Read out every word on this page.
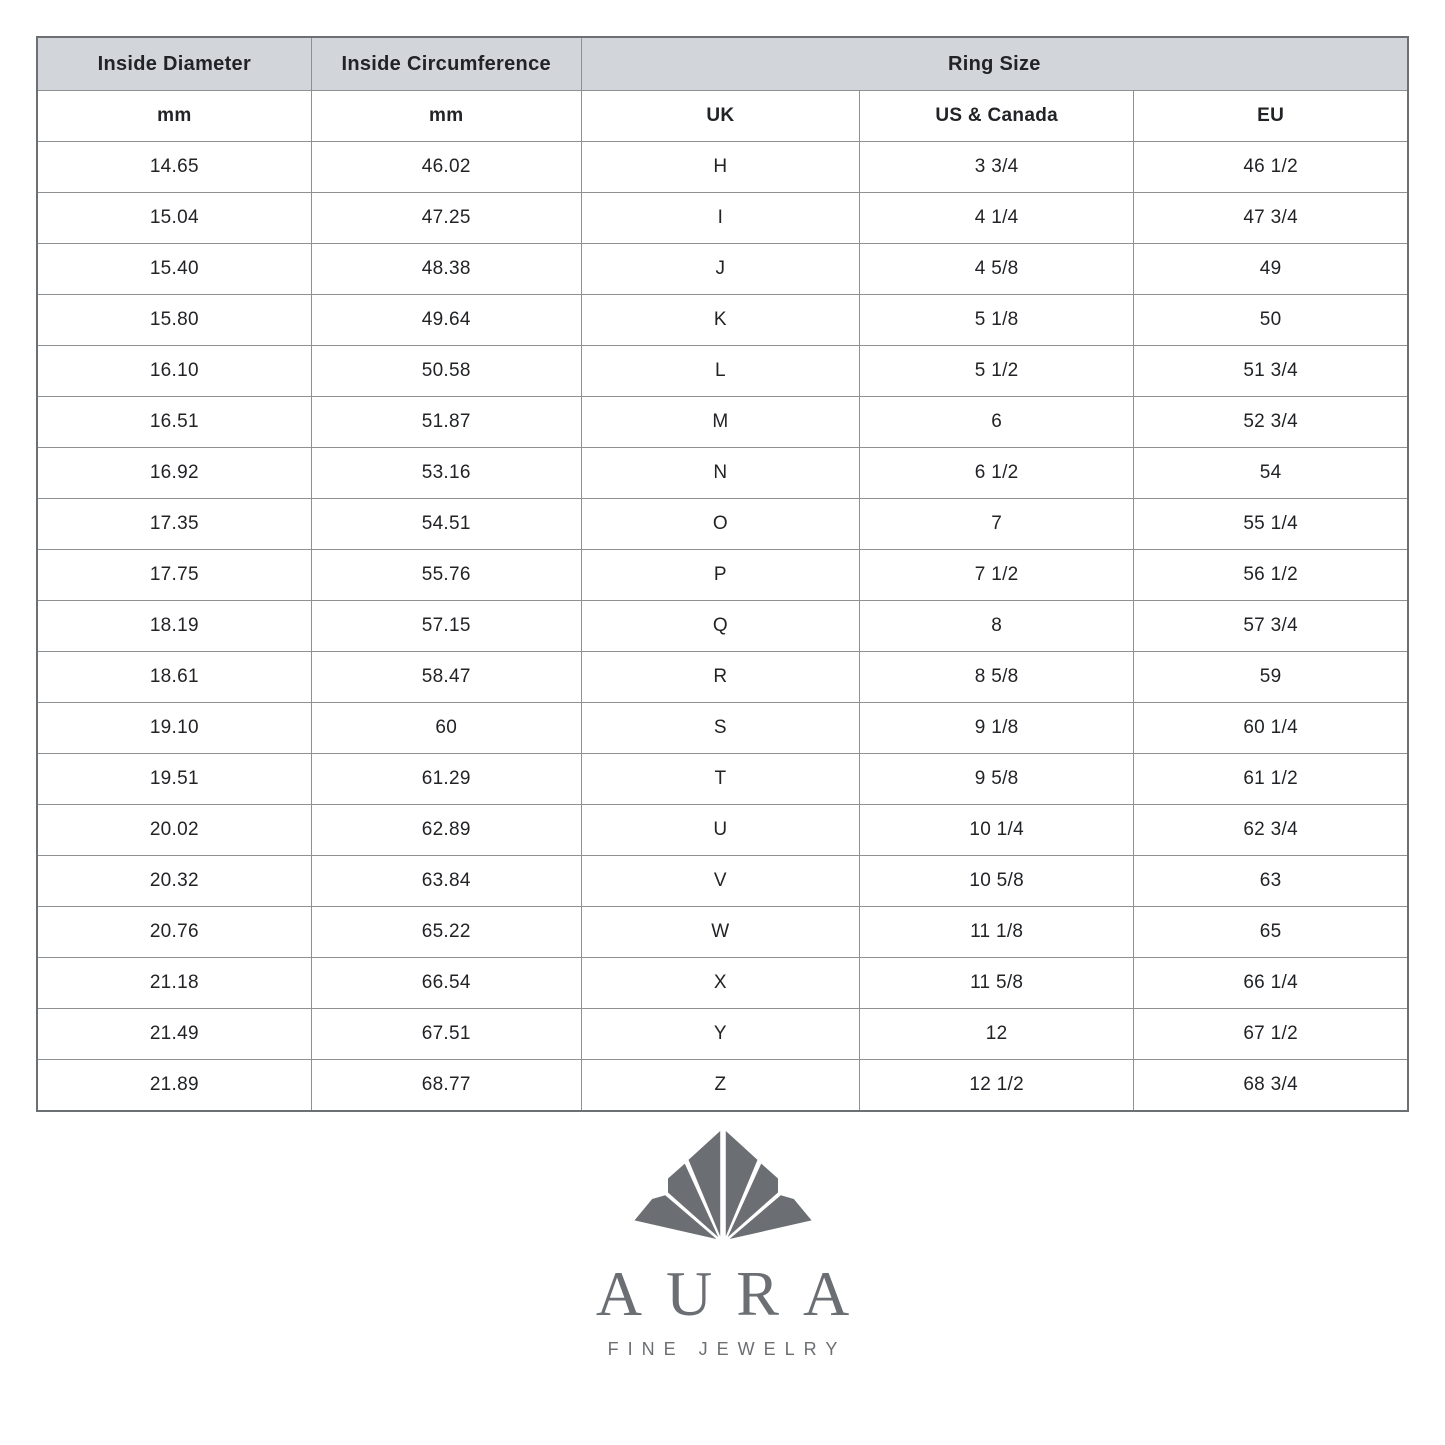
Inside Diameter	Inside Circumference	Ring Size		
mm	mm	UK	US & Canada	EU
14.65	46.02	H	3 3/4	46 1/2
15.04	47.25	I	4 1/4	47 3/4
15.40	48.38	J	4 5/8	49
15.80	49.64	K	5 1/8	50
16.10	50.58	L	5 1/2	51 3/4
16.51	51.87	M	6	52 3/4
16.92	53.16	N	6 1/2	54
17.35	54.51	O	7	55 1/4
17.75	55.76	P	7 1/2	56 1/2
18.19	57.15	Q	8	57 3/4
18.61	58.47	R	8 5/8	59
19.10	60	S	9 1/8	60 1/4
19.51	61.29	T	9 5/8	61 1/2
20.02	62.89	U	10 1/4	62 3/4
20.32	63.84	V	10 5/8	63
20.76	65.22	W	11 1/8	65
21.18	66.54	X	11 5/8	66 1/4
21.49	67.51	Y	12	67 1/2
21.89	68.77	Z	12 1/2	68 3/4
AURA
FINE JEWELRY
